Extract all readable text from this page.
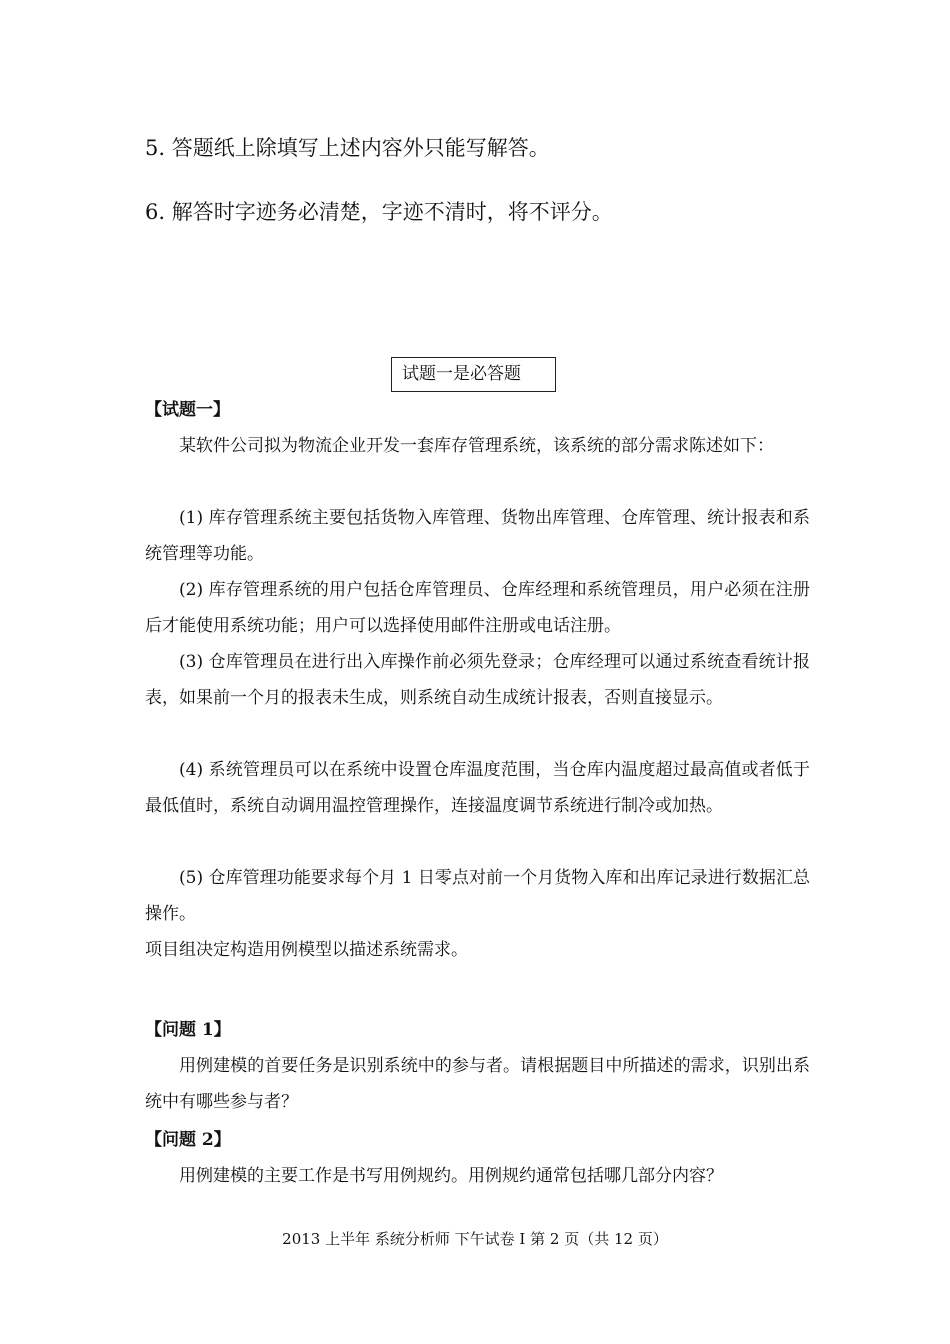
5. 答题纸上除填写上述内容外只能写解答。
6. 解答时字迹务必清楚，字迹不清时，将不评分。
试题一是必答题
【试题一】
某软件公司拟为物流企业开发一套库存管理系统，该系统的部分需求陈述如下：
(1) 库存管理系统主要包括货物入库管理、货物出库管理、仓库管理、统计报表和系统管理等功能。
(2) 库存管理系统的用户包括仓库管理员、仓库经理和系统管理员，用户必须在注册后才能使用系统功能；用户可以选择使用邮件注册或电话注册。
(3) 仓库管理员在进行出入库操作前必须先登录；仓库经理可以通过系统查看统计报表，如果前一个月的报表未生成，则系统自动生成统计报表，否则直接显示。
(4) 系统管理员可以在系统中设置仓库温度范围，当仓库内温度超过最高值或者低于最低值时，系统自动调用温控管理操作，连接温度调节系统进行制冷或加热。
(5) 仓库管理功能要求每个月 1 日零点对前一个月货物入库和出库记录进行数据汇总操作。
项目组决定构造用例模型以描述系统需求。
【问题 1】
用例建模的首要任务是识别系统中的参与者。请根据题目中所描述的需求，识别出系统中有哪些参与者？
【问题 2】
用例建模的主要工作是书写用例规约。用例规约通常包括哪几部分内容？
2013 上半年 系统分析师 下午试卷 I 第 2 页（共 12 页）
